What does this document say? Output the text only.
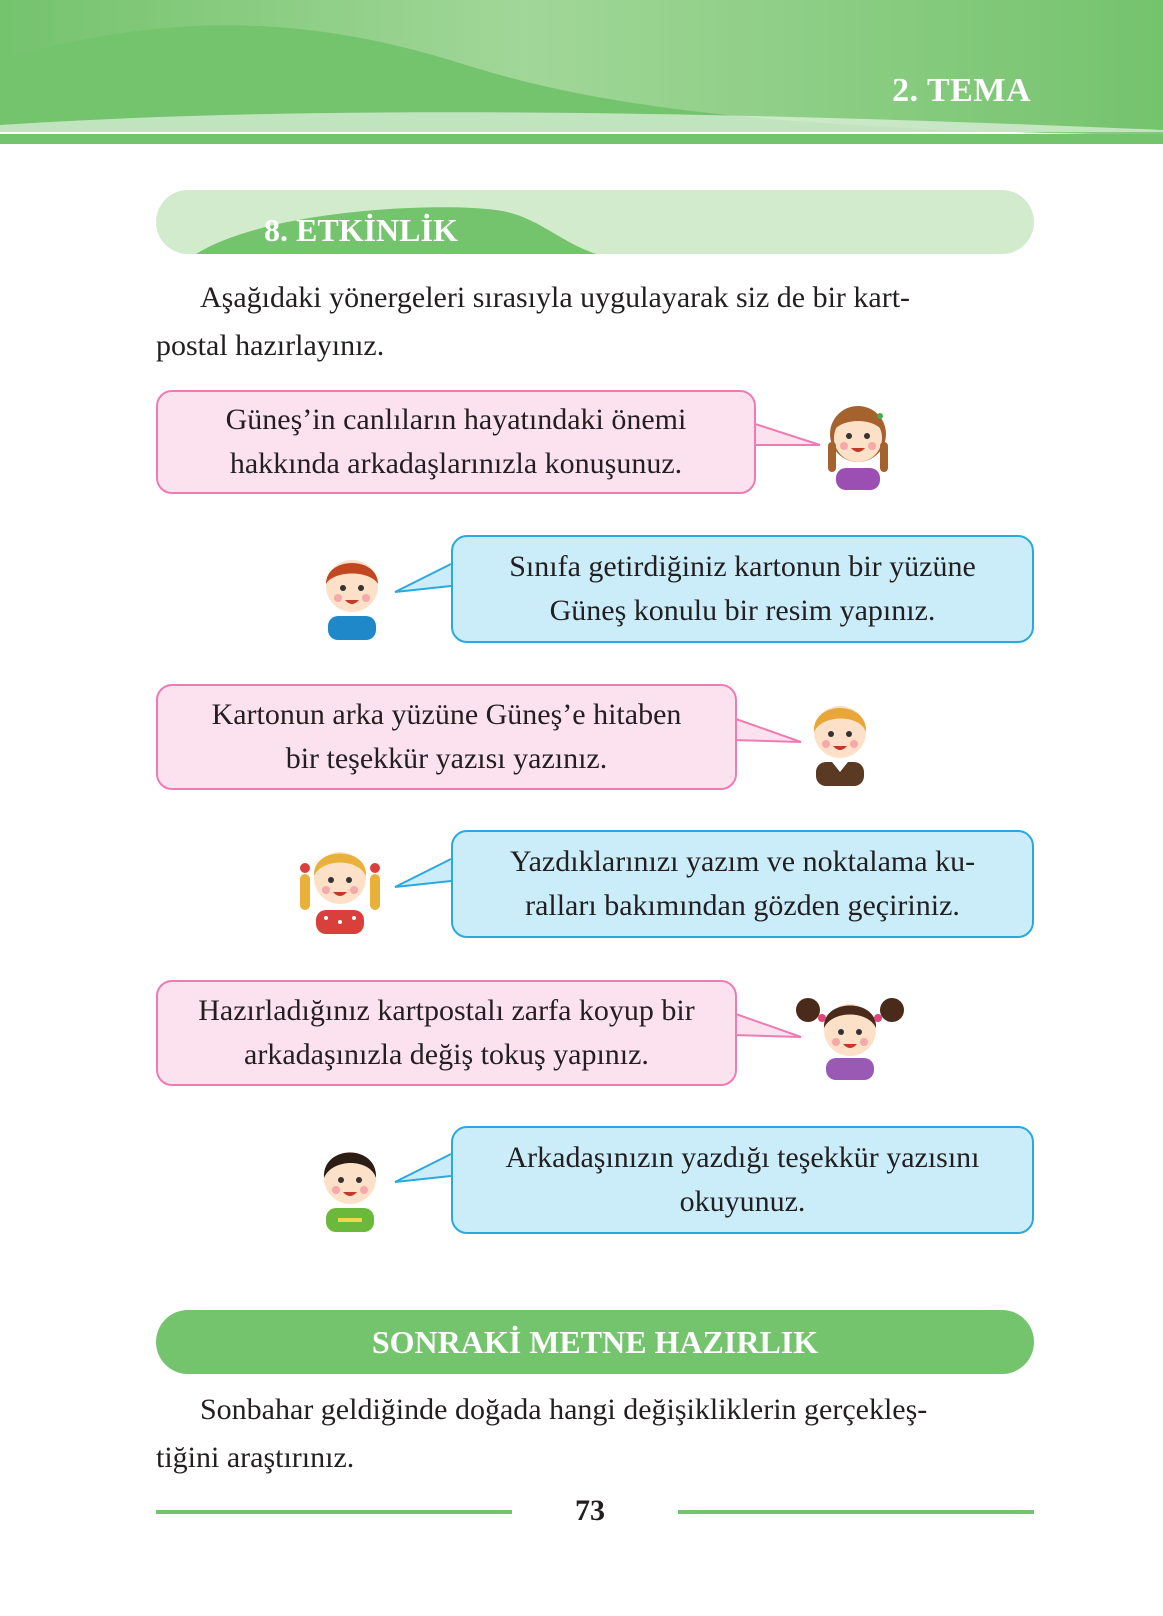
2. TEMA
8. ETKİNLİK
Aşağıdaki yönergeleri sırasıyla uygulayarak siz de bir kart-
postal hazırlayınız.
Güneş’in canlıların hayatındaki önemi
hakkında arkadaşlarınızla konuşunuz.
Sınıfa getirdiğiniz kartonun bir yüzüne
Güneş konulu bir resim yapınız.
Kartonun arka yüzüne Güneş’e hitaben
bir teşekkür yazısı yazınız.
Yazdıklarınızı yazım ve noktalama ku-
ralları bakımından gözden geçiriniz.
Hazırladığınız kartpostalı zarfa koyup bir
arkadaşınızla değiş tokuş yapınız.
Arkadaşınızın yazdığı teşekkür yazısını
okuyunuz.
SONRAKİ METNE HAZIRLIK
Sonbahar geldiğinde doğada hangi değişikliklerin gerçekleş-
tiğini araştırınız.
73
